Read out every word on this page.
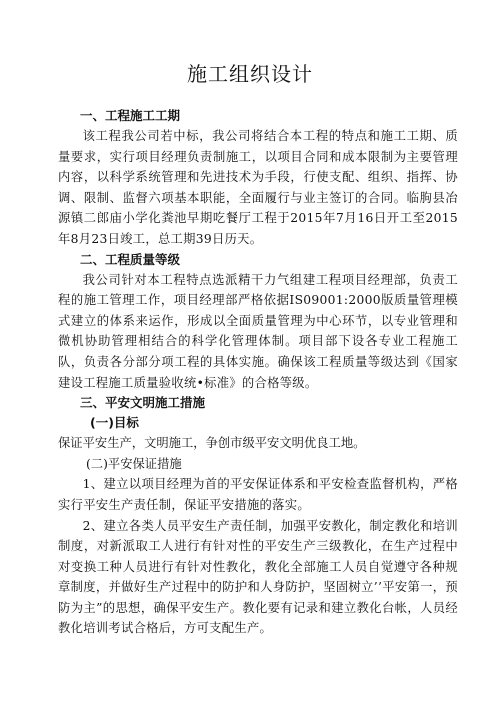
施工组织设计
一、工程施工工期

该工程我公司若中标，我公司将结合本工程的特点和施工工期、质量要求，实行项目经理负责制施工，以项目合同和成本限制为主要管理内容，以科学系统管理和先进技术为手段，行使支配、组织、指挥、协调、限制、监督六项基本职能，全面履行与业主签订的合同。临朐县冶源镇二郎庙小学化粪池早期吃餐厅工程于2015年7月16日开工至2015年8月23日竣工，总工期39日历天。

二、工程质量等级

我公司针对本工程特点选派精干力气组建工程项目经理部，负责工程的施工管理工作，项目经理部严格依据IS09001:2000版质量管理模式建立的体系来运作，形成以全面质量管理为中心环节，以专业管理和微机协助管理相结合的科学化管理体制。项目部下设各专业工程施工队，负责各分部分项工程的具体实施。确保该工程质量等级达到《国家建设工程施工质量验收统•标准》的合格等级。

三、平安文明施工措施
(一)目标

保证平安生产，文明施工，争创市级平安文明优良工地。

(二)平安保证措施

1、建立以项目经理为首的平安保证体系和平安检查监督机构，严格实行平安生产责任制，保证平安措施的落实。

2、建立各类人员平安生产责任制，加强平安教化，制定教化和培训制度，对新派取工人进行有针对性的平安生产三级教化，在生产过程中对变换工种人员进行有针对性教化，教化全部施工人员自觉遵守各种规章制度，并做好生产过程中的防护和人身防护，坚固树立’’平安第一，预防为主”的思想，确保平安生产。教化要有记录和建立教化台帐，人员经教化培训考试合格后，方可支配生产。
